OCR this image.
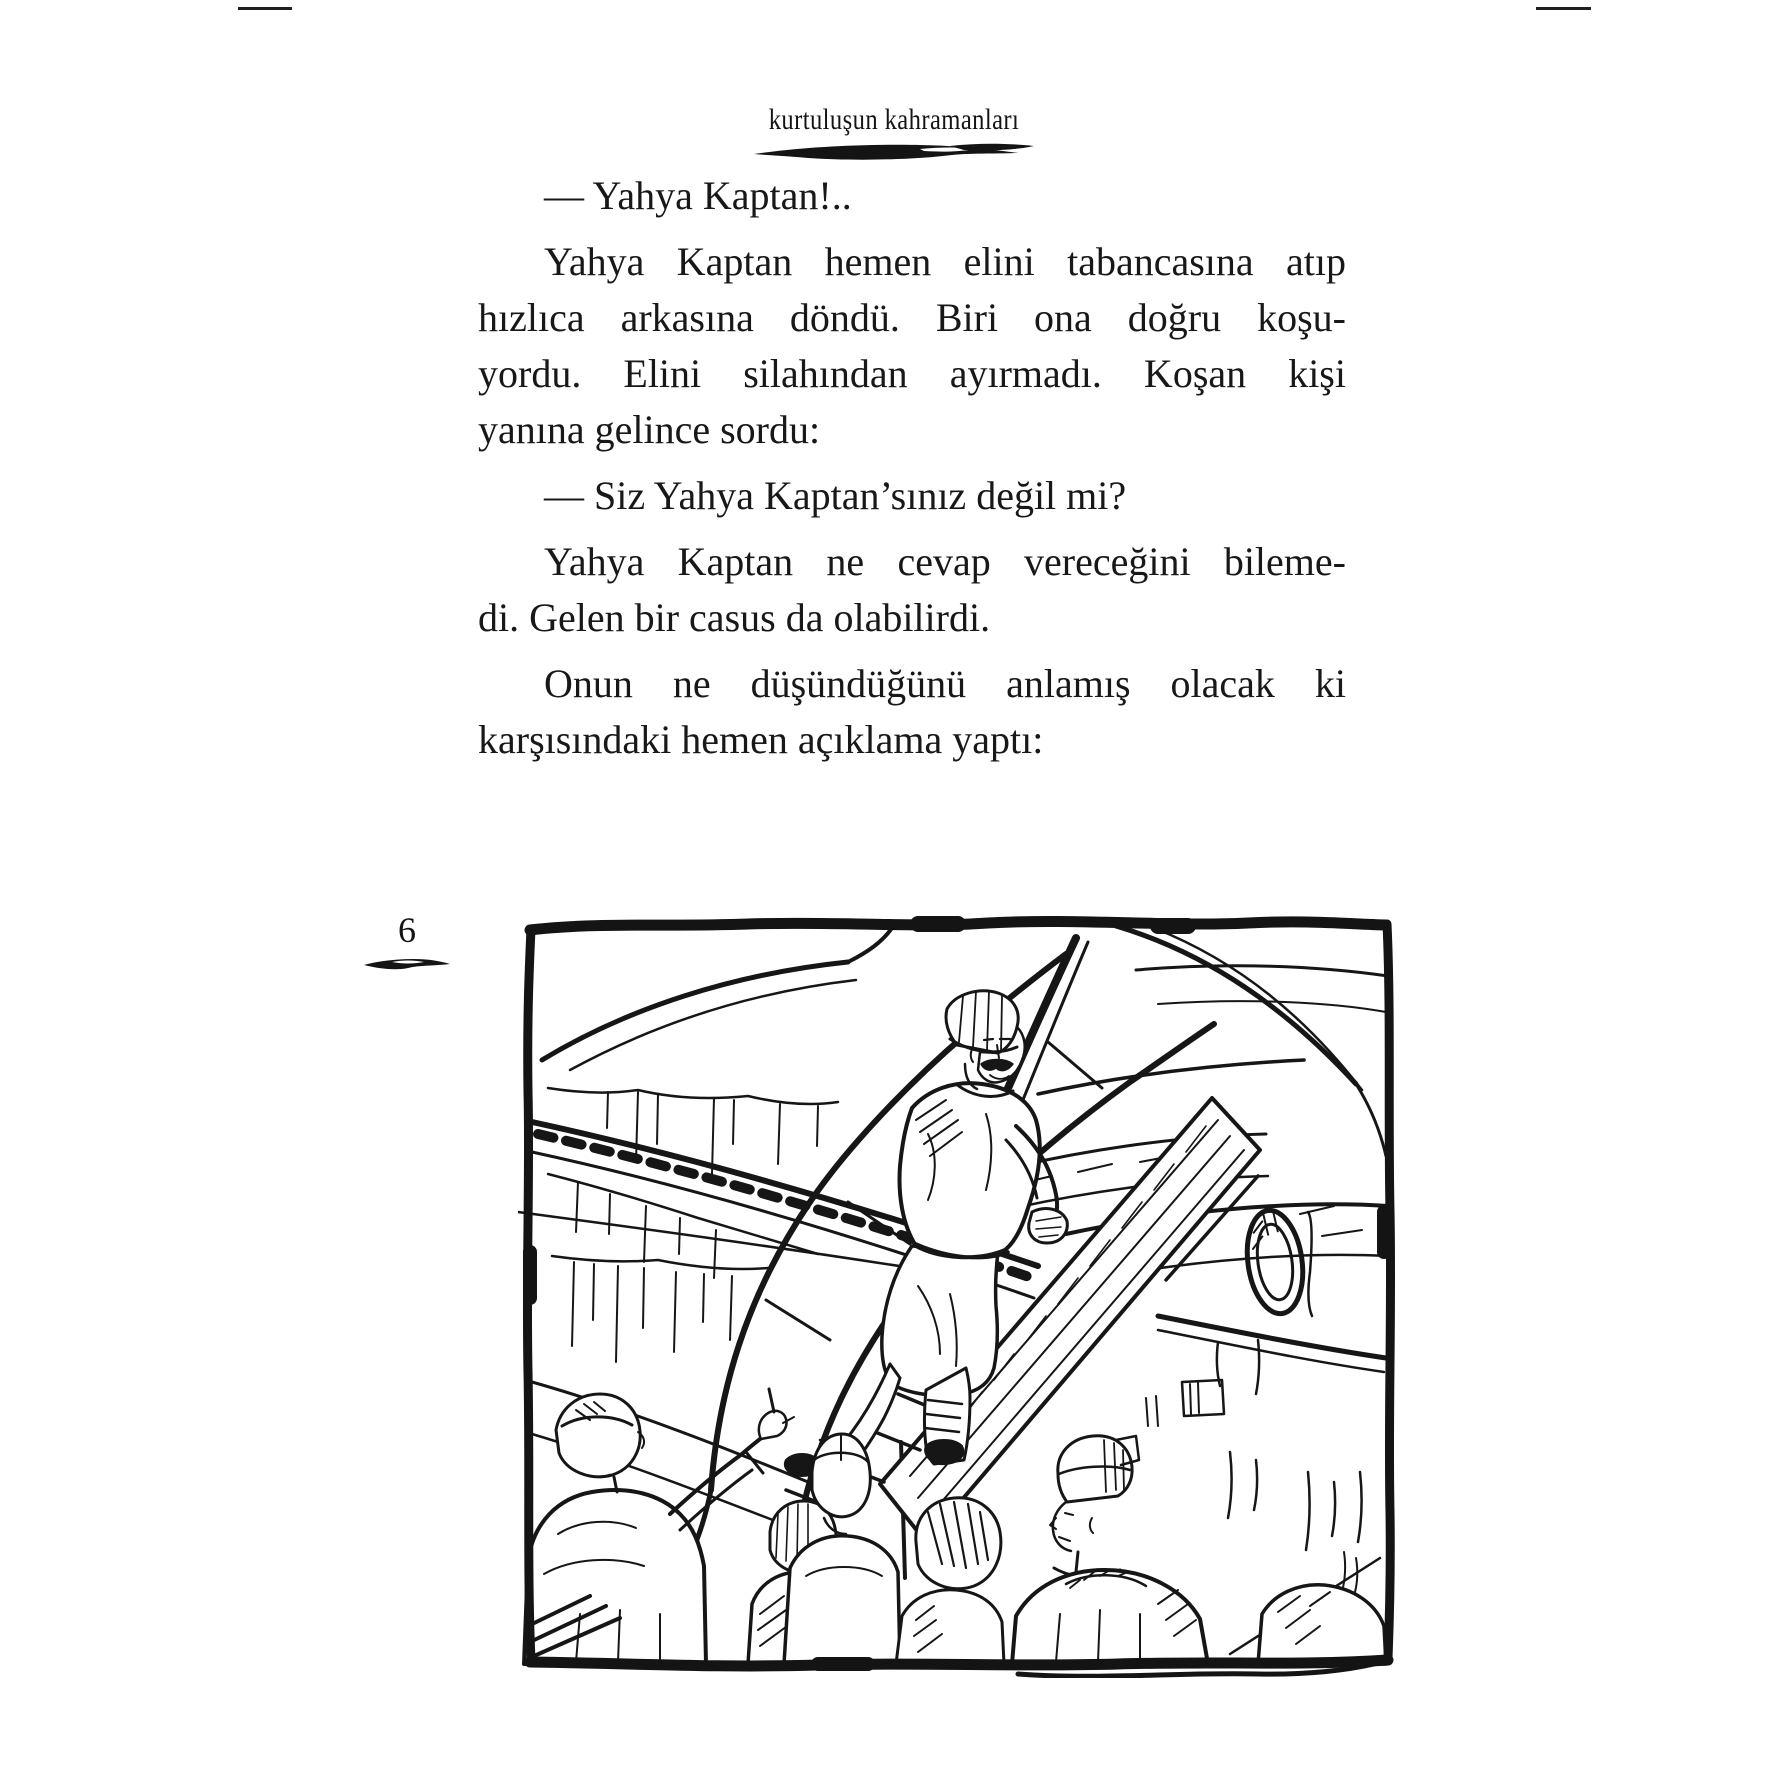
kurtuluşun kahramanları
— Yahya Kaptan!..
Yahya Kaptan hemen elini tabancasına atıp
hızlıca arkasına döndü. Biri ona doğru koşu-
yordu. Elini silahından ayırmadı. Koşan kişi
yanına gelince sordu:
— Siz Yahya Kaptan’sınız değil mi?
Yahya Kaptan ne cevap vereceğini bileme-
di. Gelen bir casus da olabilirdi.
Onun ne düşündüğünü anlamış olacak ki
karşısındaki hemen açıklama yaptı:
6
